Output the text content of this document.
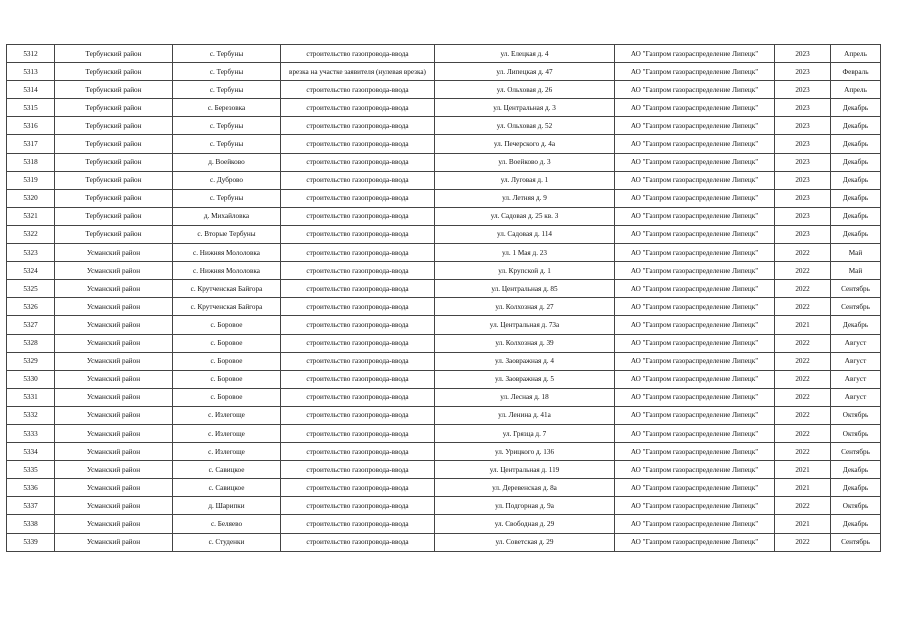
5312	Тербунский район	с. Тербуны	строительство газопровода-ввода	ул. Елецкая д. 4	АО "Газпром газораспределение Липецк"	2023	Апрель
5313	Тербунский район	с. Тербуны	врезка на участке заявителя (нулевая врезка)	ул. Липецкая д. 47	АО "Газпром газораспределение Липецк"	2023	Февраль
5314	Тербунский район	с. Тербуны	строительство газопровода-ввода	ул. Ольховая д. 26	АО "Газпром газораспределение Липецк"	2023	Апрель
5315	Тербунский район	с. Березовка	строительство газопровода-ввода	ул. Центральная д. 3	АО "Газпром газораспределение Липецк"	2023	Декабрь
5316	Тербунский район	с. Тербуны	строительство газопровода-ввода	ул. Ольховая д. 52	АО "Газпром газораспределение Липецк"	2023	Декабрь
5317	Тербунский район	с. Тербуны	строительство газопровода-ввода	ул. Печерского д. 4а	АО "Газпром газораспределение Липецк"	2023	Декабрь
5318	Тербунский район	д. Воейково	строительство газопровода-ввода	ул. Воейково д. 3	АО "Газпром газораспределение Липецк"	2023	Декабрь
5319	Тербунский район	с. Дуброво	строительство газопровода-ввода	ул. Луговая д. 1	АО "Газпром газораспределение Липецк"	2023	Декабрь
5320	Тербунский район	с. Тербуны	строительство газопровода-ввода	ул. Летняя д. 9	АО "Газпром газораспределение Липецк"	2023	Декабрь
5321	Тербунский район	д. Михайловка	строительство газопровода-ввода	ул. Садовая д. 25 кв. 3	АО "Газпром газораспределение Липецк"	2023	Декабрь
5322	Тербунский район	с. Вторые Тербуны	строительство газопровода-ввода	ул. Садовая д. 114	АО "Газпром газораспределение Липецк"	2023	Декабрь
5323	Усманский район	с. Нижняя Мололовка	строительство газопровода-ввода	ул. 1 Мая д. 23	АО "Газпром газораспределение Липецк"	2022	Май
5324	Усманский район	с. Нижняя Мололовка	строительство газопровода-ввода	ул. Крупской д. 1	АО "Газпром газораспределение Липецк"	2022	Май
5325	Усманский район	с. Крутченская Байгора	строительство газопровода-ввода	ул. Центральная д. 85	АО "Газпром газораспределение Липецк"	2022	Сентябрь
5326	Усманский район	с. Крутченская Байгора	строительство газопровода-ввода	ул. Колхозная д. 27	АО "Газпром газораспределение Липецк"	2022	Сентябрь
5327	Усманский район	с. Боровое	строительство газопровода-ввода	ул. Центральная д. 73а	АО "Газпром газораспределение Липецк"	2021	Декабрь
5328	Усманский район	с. Боровое	строительство газопровода-ввода	ул. Колхозная д. 39	АО "Газпром газораспределение Липецк"	2022	Август
5329	Усманский район	с. Боровое	строительство газопровода-ввода	ул. Заовражная д. 4	АО "Газпром газораспределение Липецк"	2022	Август
5330	Усманский район	с. Боровое	строительство газопровода-ввода	ул. Заовражная д. 5	АО "Газпром газораспределение Липецк"	2022	Август
5331	Усманский район	с. Боровое	строительство газопровода-ввода	ул. Лесная д. 18	АО "Газпром газораспределение Липецк"	2022	Август
5332	Усманский район	с. Излегоще	строительство газопровода-ввода	ул. Ленина д. 41а	АО "Газпром газораспределение Липецк"	2022	Октябрь
5333	Усманский район	с. Излегоще	строительство газопровода-ввода	ул. Грязца д. 7	АО "Газпром газораспределение Липецк"	2022	Октябрь
5334	Усманский район	с. Излегоще	строительство газопровода-ввода	ул. Урицкого д. 136	АО "Газпром газораспределение Липецк"	2022	Сентябрь
5335	Усманский район	с. Савицкое	строительство газопровода-ввода	ул. Центральная д. 119	АО "Газпром газораспределение Липецк"	2021	Декабрь
5336	Усманский район	с. Савицкое	строительство газопровода-ввода	ул. Деревенская д. 8а	АО "Газпром газораспределение Липецк"	2021	Декабрь
5337	Усманский район	д. Шарипки	строительство газопровода-ввода	ул. Подгорная д. 9а	АО "Газпром газораспределение Липецк"	2022	Октябрь
5338	Усманский район	с. Беляево	строительство газопровода-ввода	ул. Свободная д. 29	АО "Газпром газораспределение Липецк"	2021	Декабрь
5339	Усманский район	с. Студенки	строительство газопровода-ввода	ул. Советская д. 29	АО "Газпром газораспределение Липецк"	2022	Сентябрь
